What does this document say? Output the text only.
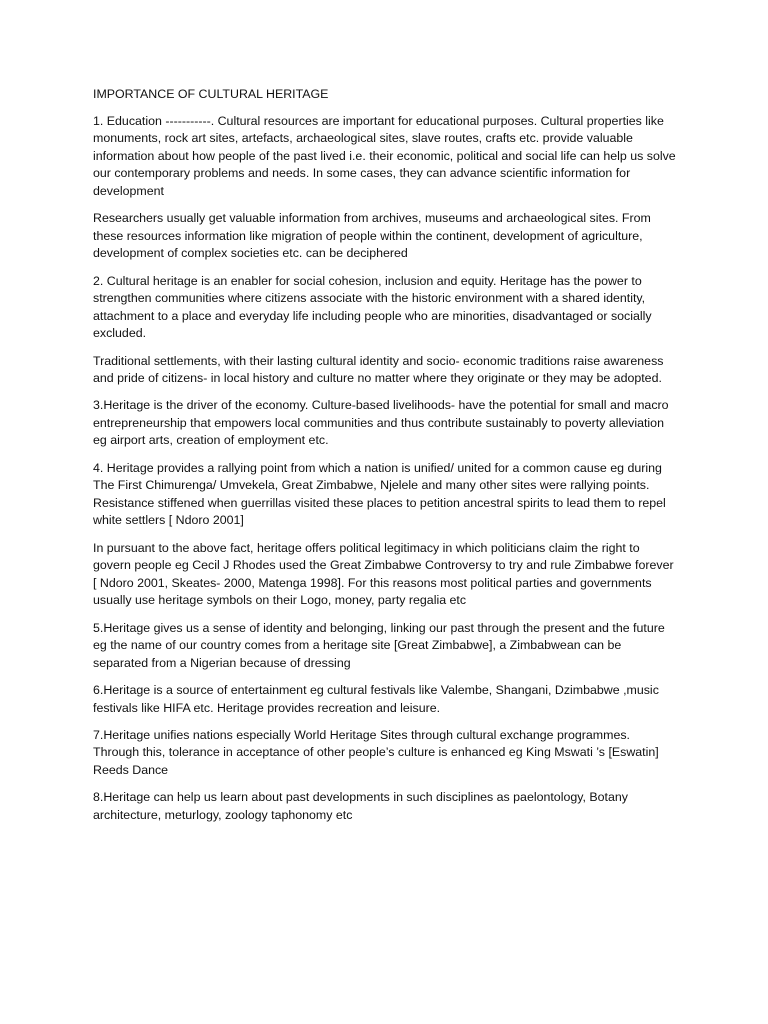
IMPORTANCE OF CULTURAL HERITAGE

1. Education -----------. Cultural resources are important for educational purposes. Cultural properties like monuments, rock art sites, artefacts, archaeological sites, slave routes, crafts etc. provide valuable information about how people of the past lived i.e. their economic, political and social life can help us solve our contemporary problems and needs. In some cases, they can advance scientific information for development

Researchers usually get valuable information from archives, museums and archaeological sites. From these resources information like migration of people within the continent, development of agriculture, development of complex societies etc. can be deciphered

2. Cultural heritage is an enabler for social cohesion, inclusion and equity. Heritage has the power to strengthen communities where citizens associate with the historic environment with a shared identity, attachment to a place and everyday life including people who are minorities, disadvantaged or socially excluded.

Traditional settlements, with their lasting cultural identity and socio- economic traditions raise awareness and pride of citizens- in local history and culture no matter where they originate or they may be adopted.

3.Heritage is the driver of the economy. Culture-based livelihoods- have the potential for small and macro entrepreneurship that empowers local communities and thus contribute sustainably to poverty alleviation eg airport arts, creation of employment etc.

4. Heritage provides a rallying point from which a nation is unified/ united for a common cause eg during The First Chimurenga/ Umvekela, Great Zimbabwe, Njelele and many other sites were rallying points. Resistance stiffened when guerrillas visited these places to petition ancestral spirits to lead them to repel white settlers [ Ndoro 2001]

In pursuant to the above fact, heritage offers political legitimacy in which politicians claim the right to govern people eg Cecil J Rhodes used the Great Zimbabwe Controversy to try and rule Zimbabwe forever [ Ndoro 2001, Skeates- 2000, Matenga 1998]. For this reasons most political parties and governments usually use heritage symbols on their Logo, money, party regalia etc

5.Heritage gives us a sense of identity and belonging, linking our past through the present and the future eg the name of our country comes from a heritage site [Great Zimbabwe], a Zimbabwean can be separated from a Nigerian because of dressing

6.Heritage is a source of entertainment eg cultural festivals like Valembe, Shangani, Dzimbabwe ,music festivals like HIFA etc. Heritage provides recreation and leisure.

7.Heritage unifies nations especially World Heritage Sites through cultural exchange programmes. Through this, tolerance in acceptance of other people’s culture is enhanced eg King Mswati ’s [Eswatin] Reeds Dance

8.Heritage can help us learn about past developments in such disciplines as paelontology, Botany architecture, meturlogy, zoology taphonomy etc
